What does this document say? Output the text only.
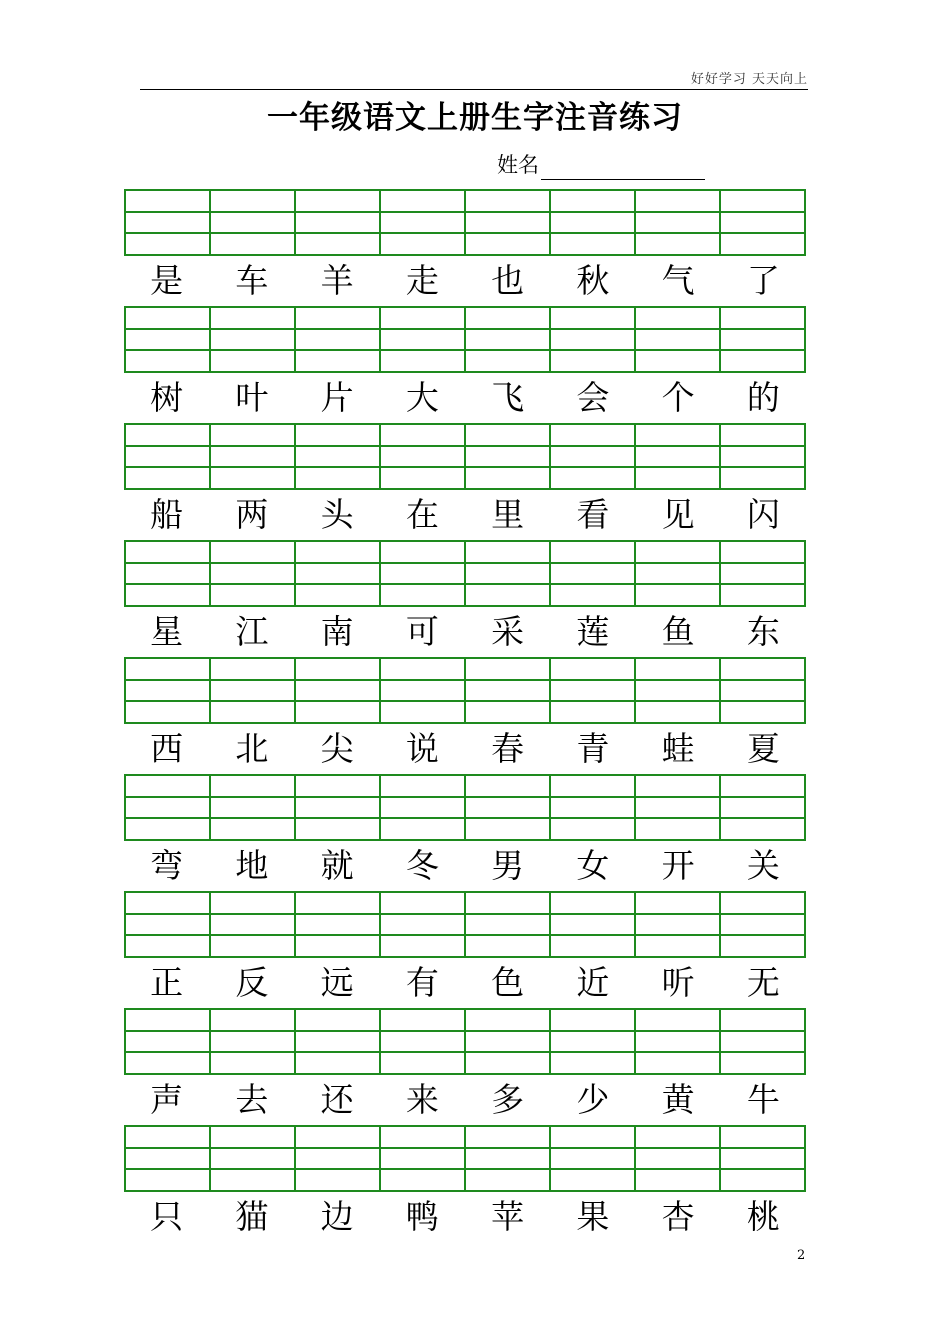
好好学习 天天向上
一年级语文上册生字注音练习
姓名
是	车	羊	走	也	秋	气	了
树	叶	片	大	飞	会	个	的
船	两	头	在	里	看	见	闪
星	江	南	可	采	莲	鱼	东
西	北	尖	说	春	青	蛙	夏
弯	地	就	冬	男	女	开	关
正	反	远	有	色	近	听	无
声	去	还	来	多	少	黄	牛
只	猫	边	鸭	苹	果	杏	桃
2
